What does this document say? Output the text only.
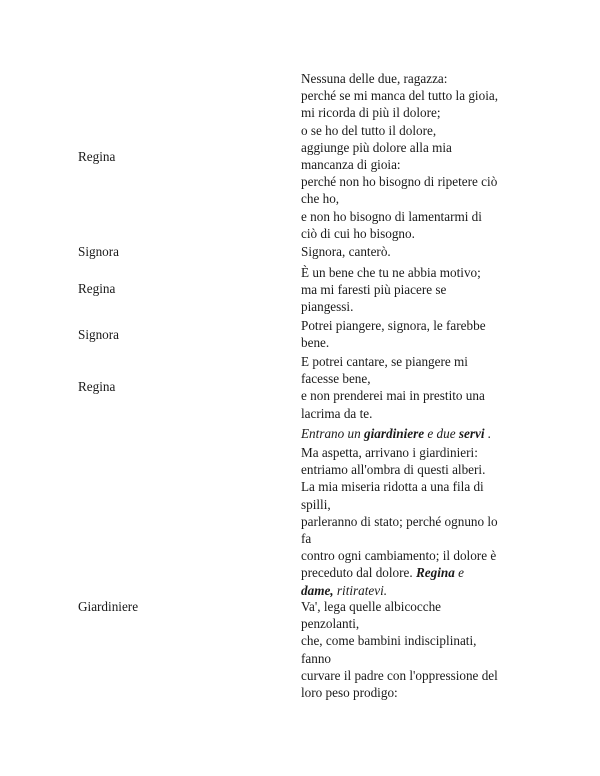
Regina
Nessuna delle due, ragazza:
perché se mi manca del tutto la gioia,
mi ricorda di più il dolore;
o se ho del tutto il dolore,
aggiunge più dolore alla mia
mancanza di gioia:
perché non ho bisogno di ripetere ciò
che ho,
e non ho bisogno di lamentarmi di
ciò di cui ho bisogno.
Signora	Signora, canterò.
Regina
È un bene che tu ne abbia motivo;
ma mi faresti più piacere se
piangessi.
Signora
Potrei piangere, signora, le farebbe
bene.
Regina
E potrei cantare, se piangere mi
facesse bene,
e non prenderei mai in prestito una
lacrima da te.
Entrano un giardiniere e due servi .
Ma aspetta, arrivano i giardinieri:
entriamo all'ombra di questi alberi.
La mia miseria ridotta a una fila di
spilli,
parleranno di stato; perché ognuno lo
fa
contro ogni cambiamento; il dolore è
preceduto dal dolore. Regina e
dame, ritiratevi.
Giardiniere	Va', lega quelle albicocche
penzolanti,
che, come bambini indisciplinati,
fanno
curvare il padre con l'oppressione del
loro peso prodigo:
